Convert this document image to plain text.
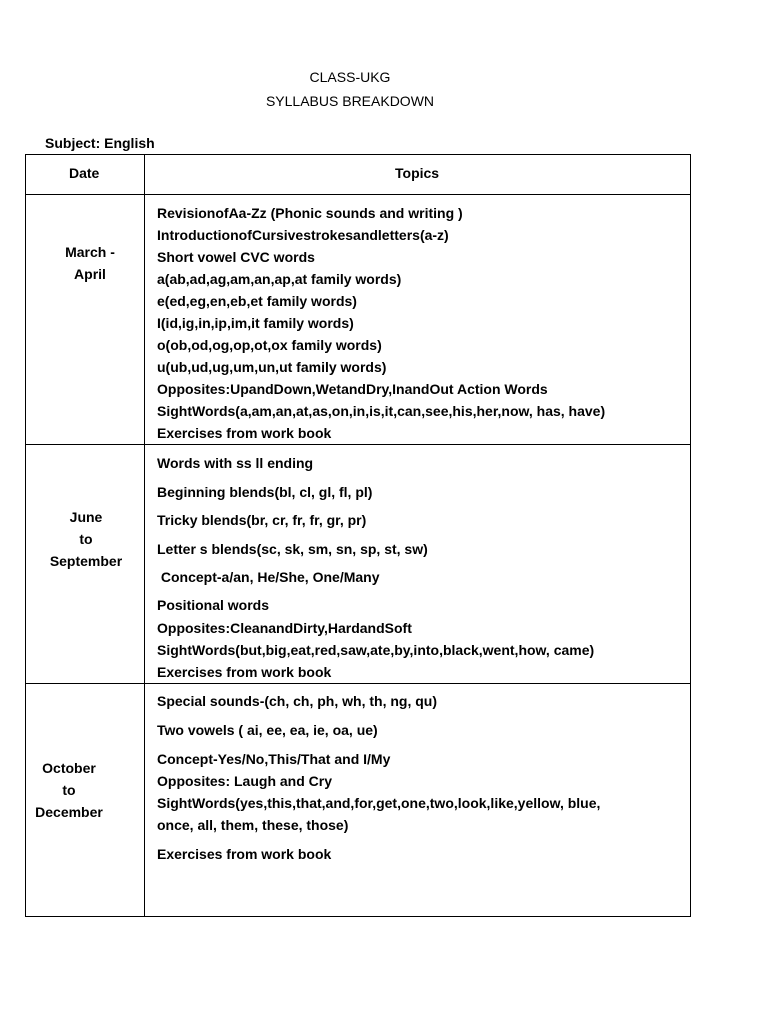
CLASS-UKG
SYLLABUS BREAKDOWN
Subject: English
Date	Topics
March -
April
RevisionofAa-Zz (Phonic sounds and writing )
IntroductionofCursivestrokesandletters(a-z)
Short vowel CVC words
a(ab,ad,ag,am,an,ap,at family words)
e(ed,eg,en,eb,et family words)
I(id,ig,in,ip,im,it family words)
o(ob,od,og,op,ot,ox family words)
u(ub,ud,ug,um,un,ut family words)
Opposites:UpandDown,WetandDry,InandOut Action Words
SightWords(a,am,an,at,as,on,in,is,it,can,see,his,her,now, has, have)
Exercises from work book
June
to
September
Words with ss ll ending
Beginning blends(bl, cl, gl, fl, pl)
Tricky blends(br, cr, fr, fr, gr, pr)
Letter s blends(sc, sk, sm, sn, sp, st, sw)
Concept-a/an, He/She, One/Many
Positional words
Opposites:CleanandDirty,HardandSoft
SightWords(but,big,eat,red,saw,ate,by,into,black,went,how, came)
Exercises from work book
October
to
December
Special sounds-(ch, ch, ph, wh, th, ng, qu)
Two vowels ( ai, ee, ea, ie, oa, ue)
Concept-Yes/No,This/That and I/My
Opposites: Laugh and Cry
SightWords(yes,this,that,and,for,get,one,two,look,like,yellow, blue,
once, all, them, these, those)
Exercises from work book
